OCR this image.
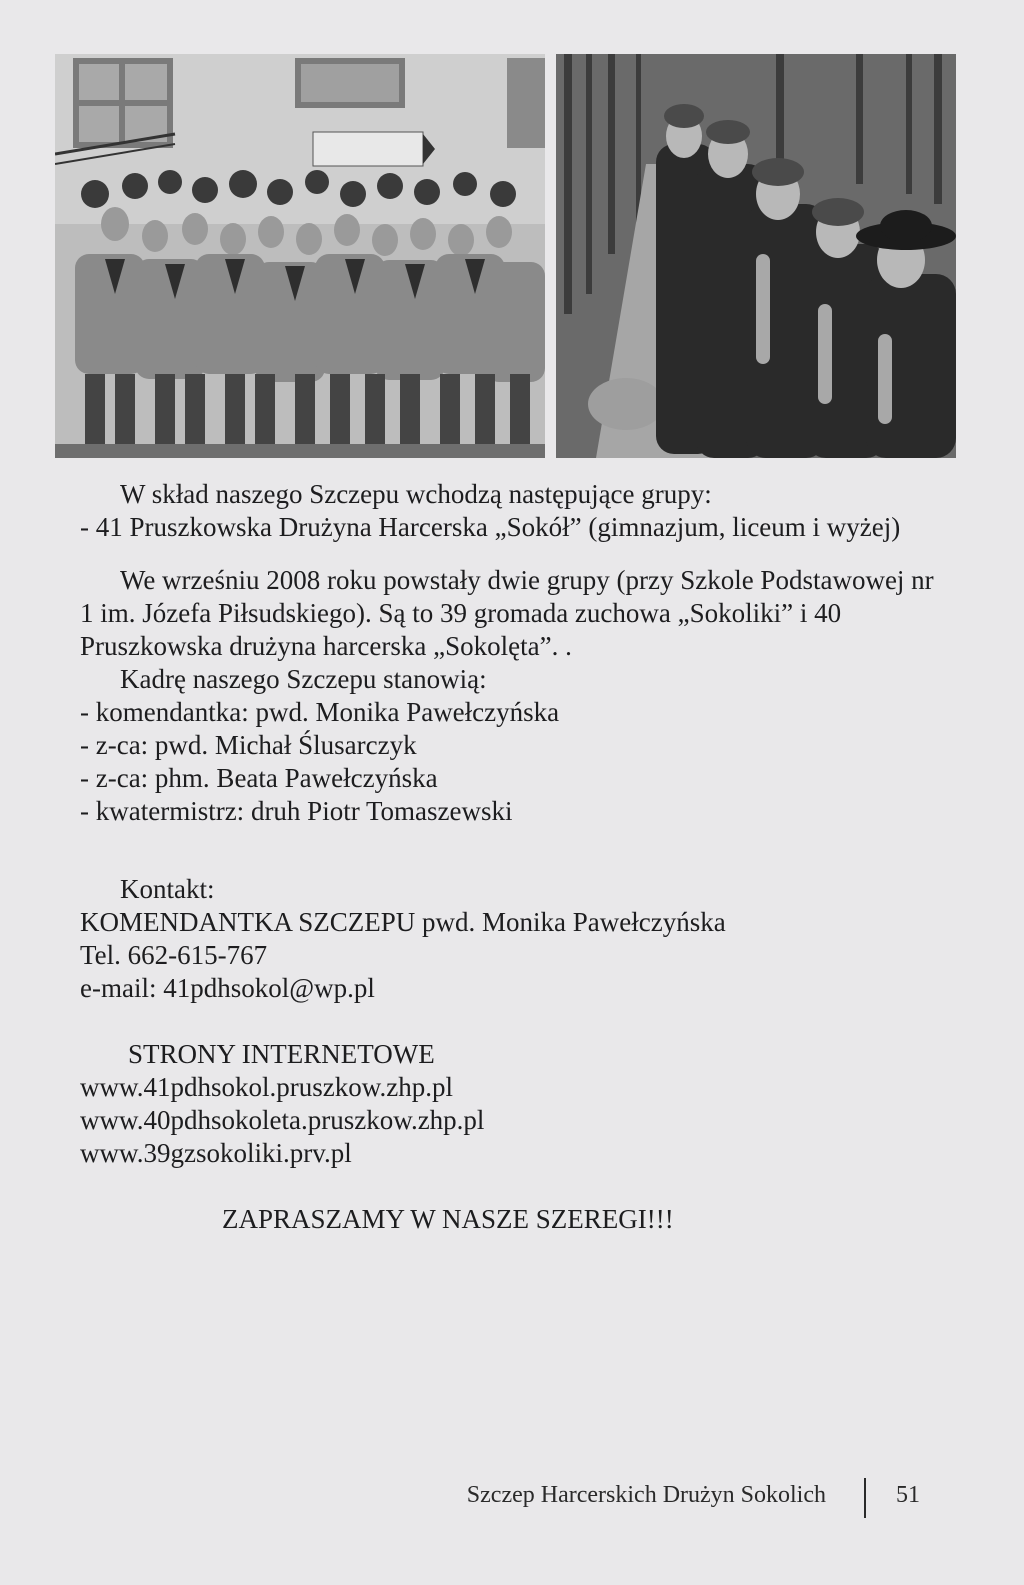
W skład naszego Szczepu wchodzą następujące grupy:

- 41 Pruszkowska Drużyna Harcerska „Sokół” (gimnazjum, liceum i wyżej)

We wrześniu 2008 roku powstały dwie grupy (przy Szkole Podstawowej nr 1 im. Józefa Piłsudskiego). Są to 39 gromada zuchowa „Sokoliki” i 40 Pruszkowska drużyna harcerska „Sokolęta”. .

Kadrę naszego Szczepu stanowią:

- komendantka: pwd. Monika Pawełczyńska

- z-ca: pwd. Michał Ślusarczyk

- z-ca: phm. Beata Pawełczyńska

- kwatermistrz: druh Piotr Tomaszewski

Kontakt:

KOMENDANTKA SZCZEPU pwd. Monika Pawełczyńska

Tel. 662-615-767

e-mail: 41pdhsokol@wp.pl

STRONY INTERNETOWE

www.41pdhsokol.pruszkow.zhp.pl

www.40pdhsokoleta.pruszkow.zhp.pl

www.39gzsokoliki.prv.pl

ZAPRASZAMY W NASZE SZEREGI!!!

Szczep Harcerskich Drużyn Sokolich	51
